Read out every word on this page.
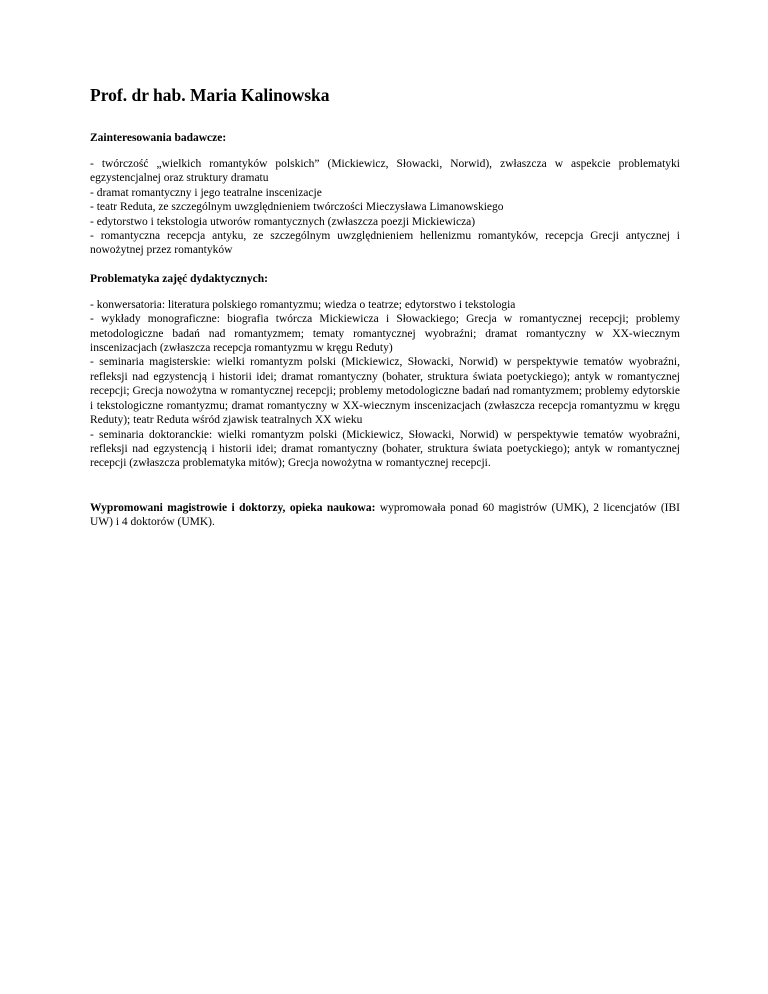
Prof. dr hab. Maria Kalinowska

Zainteresowania badawcze:

- twórczość „wielkich romantyków polskich” (Mickiewicz, Słowacki, Norwid), zwłaszcza w aspekcie problematyki egzystencjalnej oraz struktury dramatu

- dramat romantyczny i jego teatralne inscenizacje

- teatr Reduta, ze szczególnym uwzględnieniem twórczości Mieczysława Limanowskiego

- edytorstwo i tekstologia utworów romantycznych (zwłaszcza poezji Mickiewicza)

- romantyczna recepcja antyku, ze szczególnym uwzględnieniem hellenizmu romantyków, recepcja Grecji antycznej i nowożytnej przez romantyków

Problematyka zajęć dydaktycznych:

- konwersatoria: literatura polskiego romantyzmu; wiedza o teatrze; edytorstwo i tekstologia

- wykłady monograficzne: biografia twórcza Mickiewicza i Słowackiego; Grecja w romantycznej recepcji; problemy metodologiczne badań nad romantyzmem; tematy romantycznej wyobraźni; dramat romantyczny w XX-wiecznym inscenizacjach (zwłaszcza recepcja romantyzmu w kręgu Reduty)

- seminaria magisterskie: wielki romantyzm polski (Mickiewicz, Słowacki, Norwid) w perspektywie tematów wyobraźni, refleksji nad egzystencją i historii idei; dramat romantyczny (bohater, struktura świata poetyckiego); antyk w romantycznej recepcji; Grecja nowożytna w romantycznej recepcji; problemy metodologiczne badań nad romantyzmem; problemy edytorskie i tekstologiczne romantyzmu; dramat romantyczny w XX-wiecznym inscenizacjach (zwłaszcza recepcja romantyzmu w kręgu Reduty); teatr Reduta wśród zjawisk teatralnych XX wieku

- seminaria doktoranckie: wielki romantyzm polski (Mickiewicz, Słowacki, Norwid) w perspektywie tematów wyobraźni, refleksji nad egzystencją i historii idei; dramat romantyczny (bohater, struktura świata poetyckiego); antyk w romantycznej recepcji (zwłaszcza problematyka mitów); Grecja nowożytna w romantycznej recepcji.

Wypromowani magistrowie i doktorzy, opieka naukowa: wypromowała ponad 60 magistrów (UMK), 2 licencjatów (IBI UW) i 4 doktorów (UMK).
